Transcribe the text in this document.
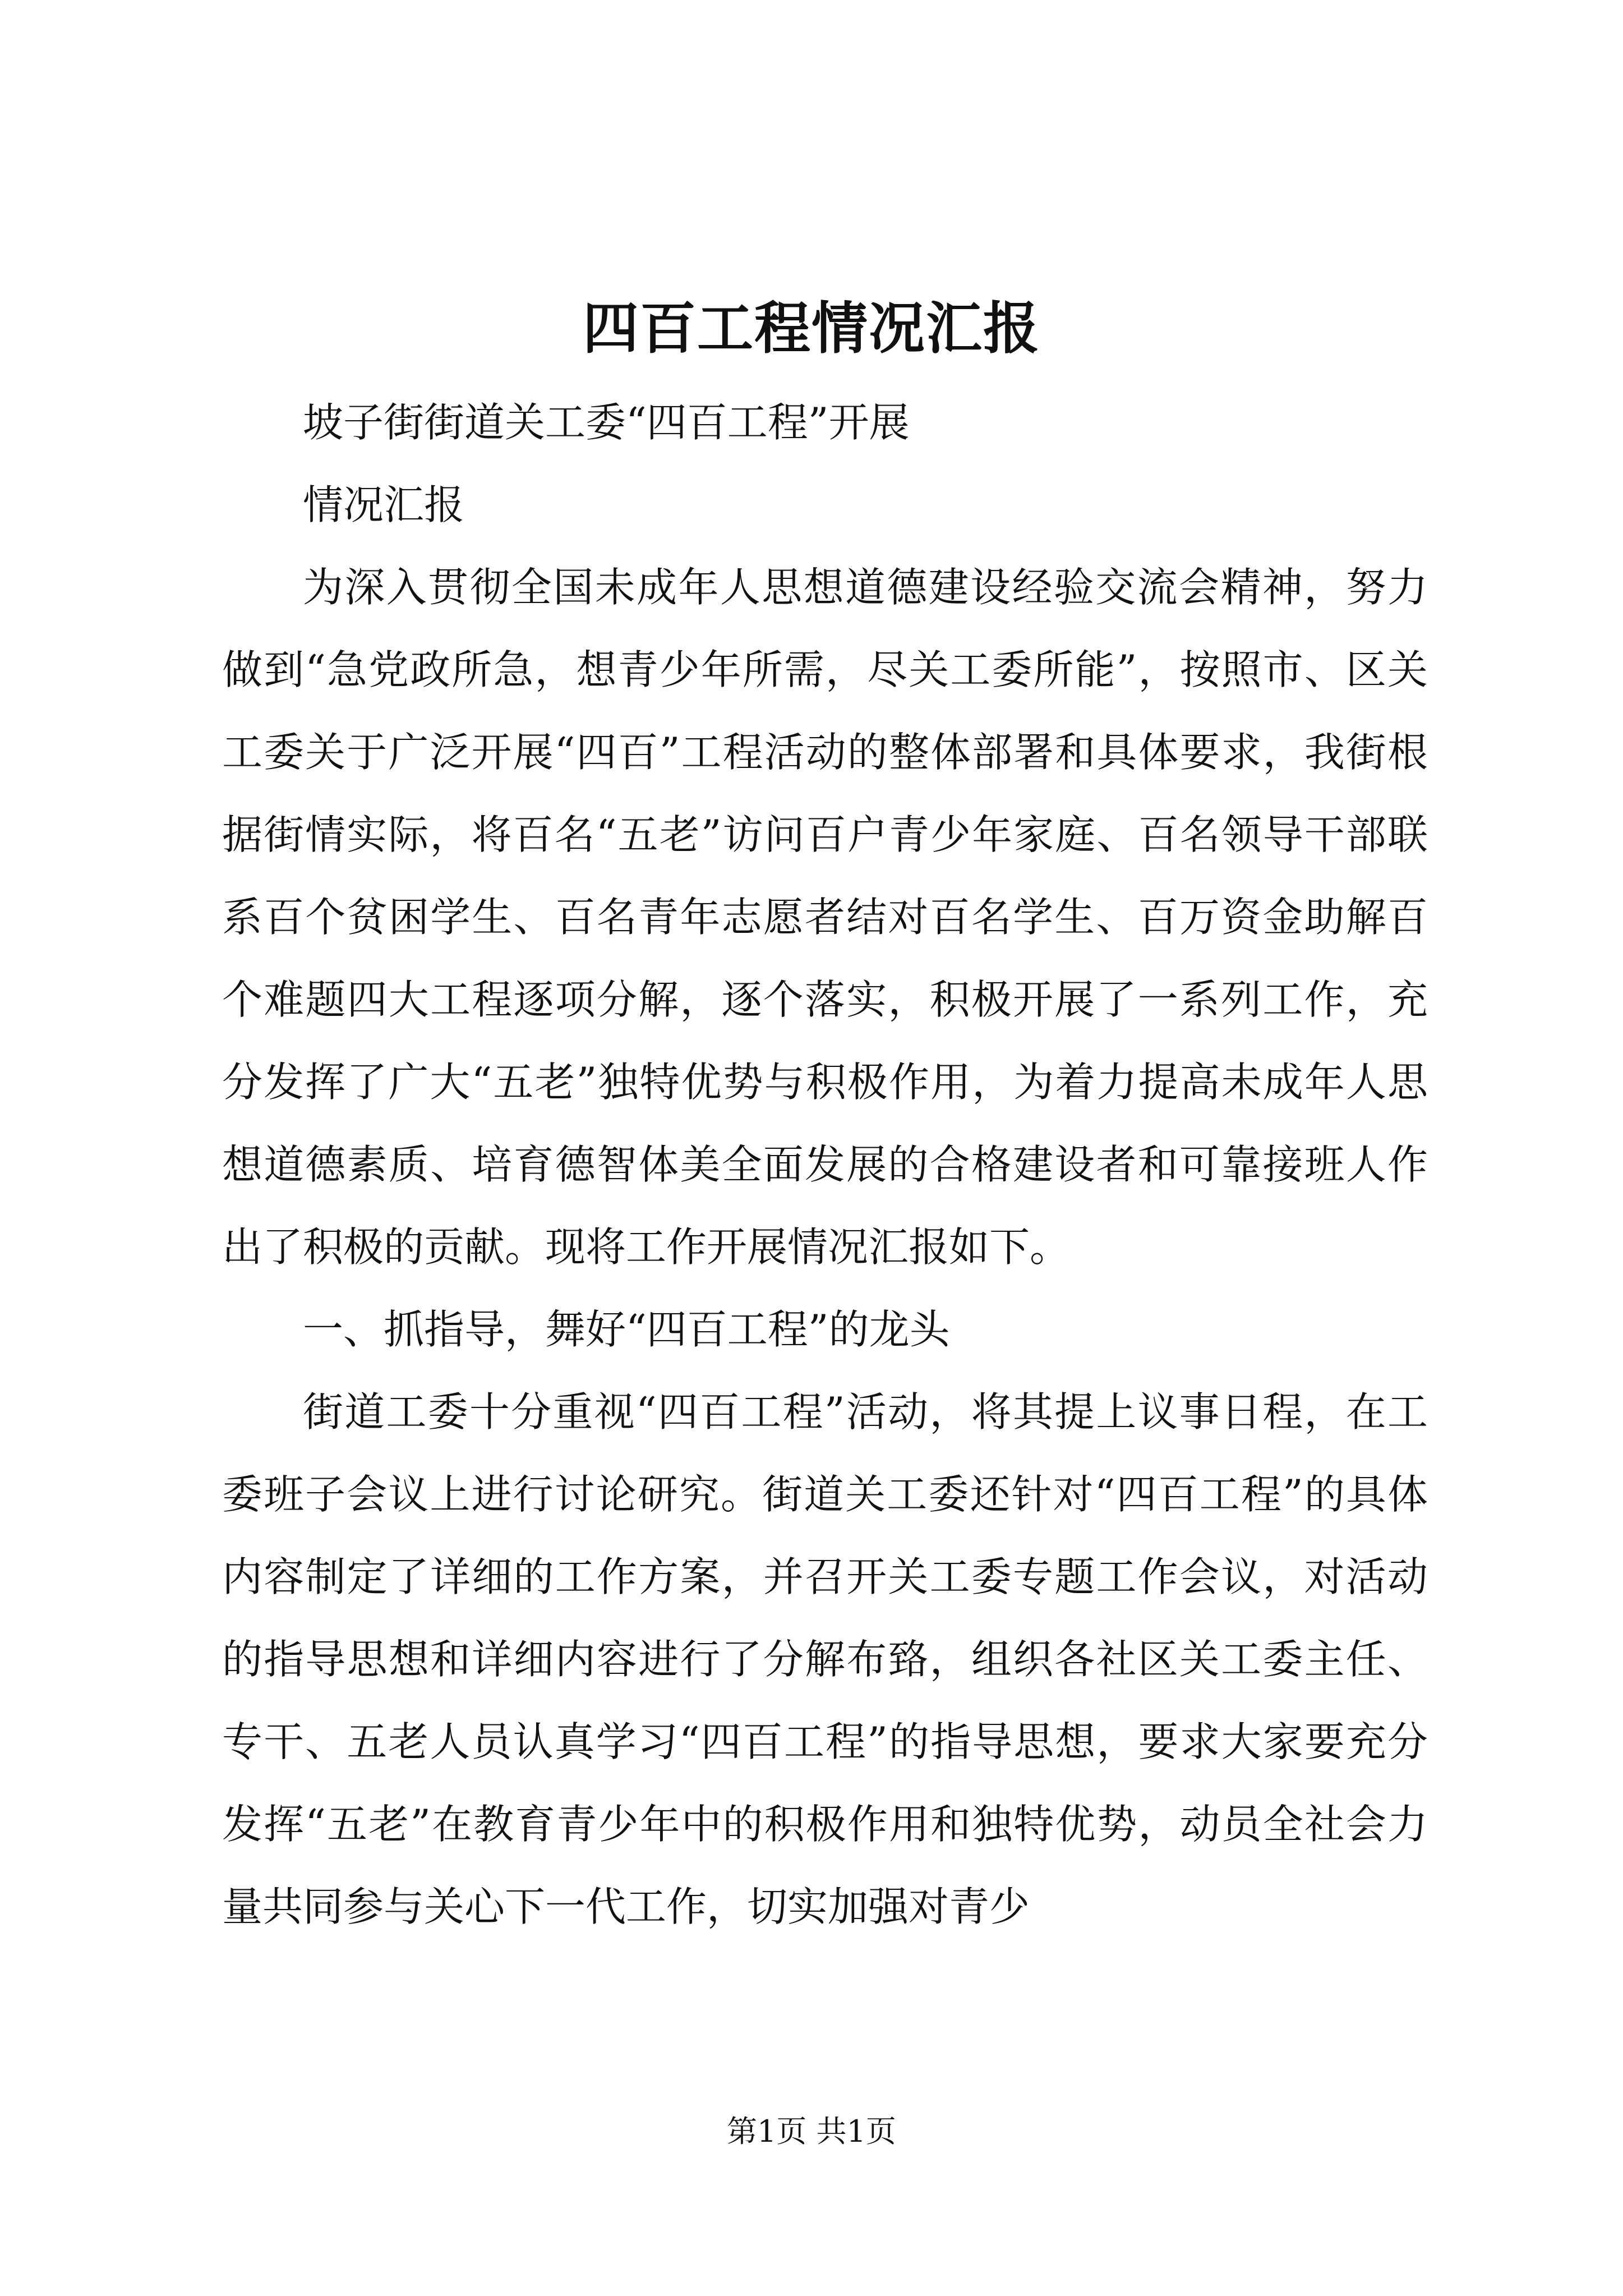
四百工程情况汇报

坡子街街道关工委“四百工程”开展

情况汇报

为深入贯彻全国未成年人思想道德建设经验交流会精神，努力做到“急党政所急，想青少年所需，尽关工委所能”，按照市、区关工委关于广泛开展“四百”工程活动的整体部署和具体要求，我街根据街情实际，将百名“五老”访问百户青少年家庭、百名领导干部联系百个贫困学生、百名青年志愿者结对百名学生、百万资金助解百个难题四大工程逐项分解，逐个落实，积极开展了一系列工作，充分发挥了广大“五老”独特优势与积极作用，为着力提高未成年人思想道德素质、培育德智体美全面发展的合格建设者和可靠接班人作出了积极的贡献。现将工作开展情况汇报如下。

一、抓指导，舞好“四百工程”的龙头

街道工委十分重视“四百工程”活动，将其提上议事日程，在工委班子会议上进行讨论研究。街道关工委还针对“四百工程”的具体内容制定了详细的工作方案，并召开关工委专题工作会议，对活动的指导思想和详细内容进行了分解布臵，组织各社区关工委主任、专干、五老人员认真学习“四百工程”的指导思想，要求大家要充分发挥“五老”在教育青少年中的积极作用和独特优势，动员全社会力量共同参与关心下一代工作，切实加强对青少

第1页 共1页
